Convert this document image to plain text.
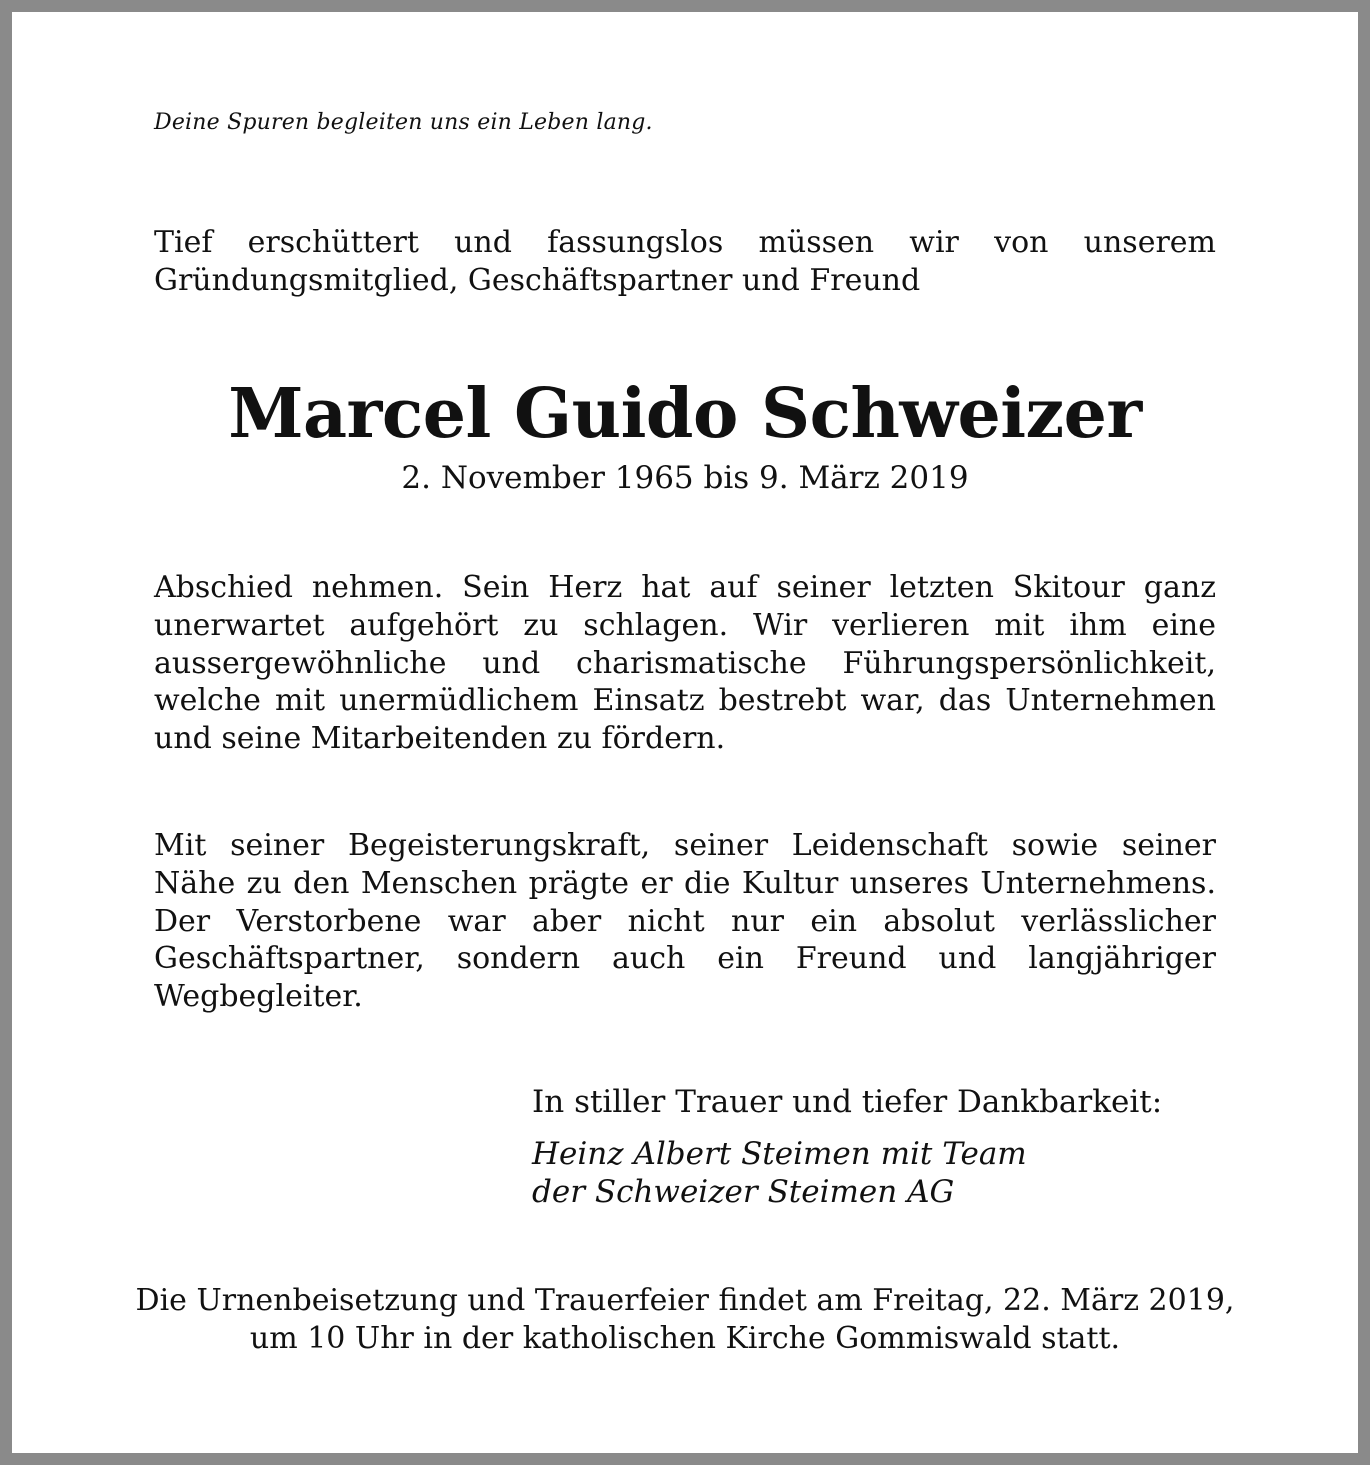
Deine Spuren begleiten uns ein Leben lang.
Tief erschüttert und fassungslos müssen wir von unserem Gründungsmitglied, Geschäftspartner und Freund
Marcel Guido Schweizer
2. November 1965 bis 9. März 2019
Abschied nehmen. Sein Herz hat auf seiner letzten Skitour ganz unerwartet aufgehört zu schlagen. Wir verlieren mit ihm eine aussergewöhnliche und charismatische Führungspersönlichkeit, welche mit unermüdlichem Einsatz bestrebt war, das Unternehmen und seine Mitarbeitenden zu fördern.
Mit seiner Begeisterungskraft, seiner Leidenschaft sowie seiner Nähe zu den Menschen prägte er die Kultur unseres Unternehmens. Der Verstorbene war aber nicht nur ein absolut verlässlicher Geschäftspartner, sondern auch ein Freund und langjähriger Wegbegleiter.
In stiller Trauer und tiefer Dankbarkeit:
Heinz Albert Steimen mit Team
der Schweizer Steimen AG
Die Urnenbeisetzung und Trauerfeier findet am Freitag, 22. März 2019,
um 10 Uhr in der katholischen Kirche Gommiswald statt.
